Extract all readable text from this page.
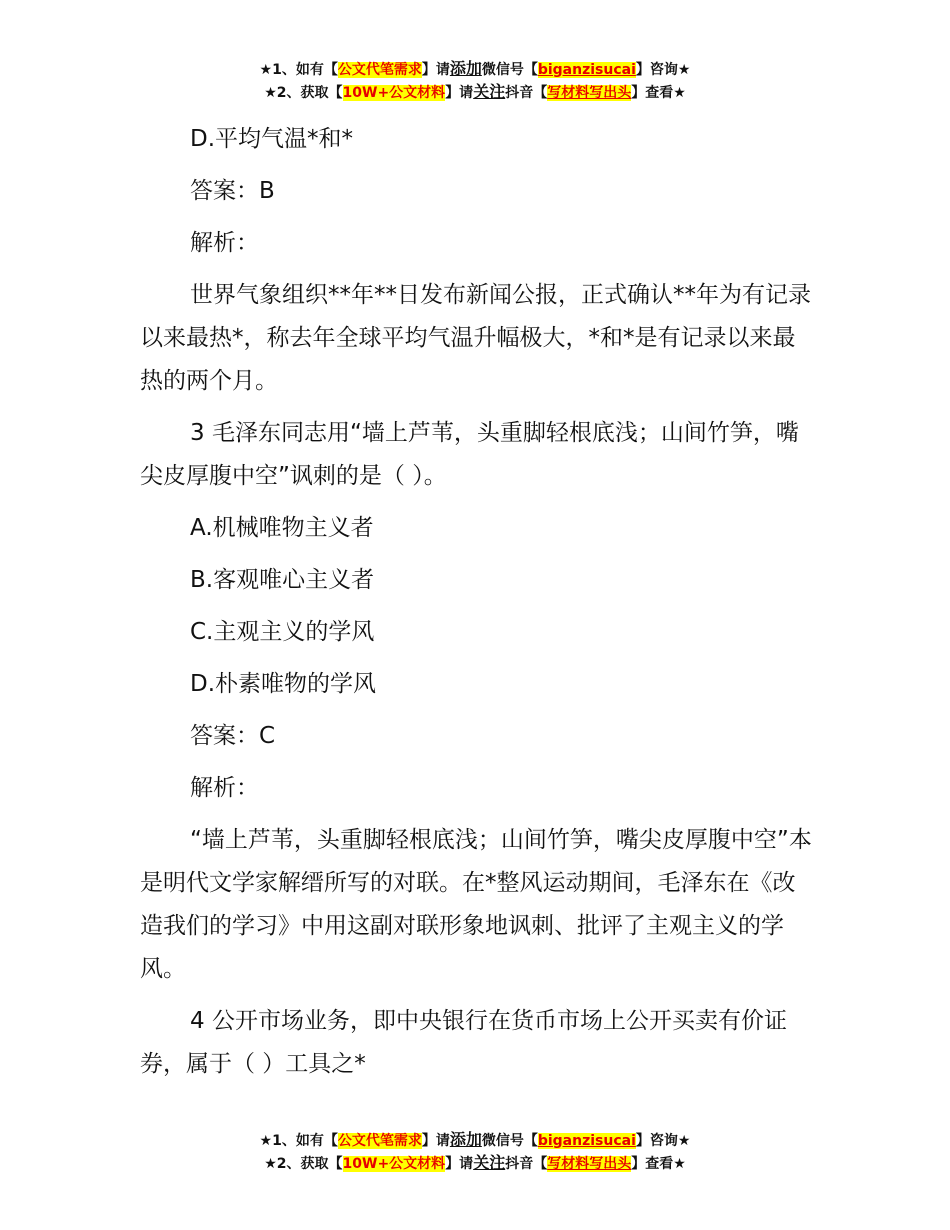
★1、如有【公文代笔需求】请添加微信号【biganzisucai】咨询★
★2、获取【10W+公文材料】请关注抖音【写材料写出头】查看★

D.平均气温*和*

答案：B

解析：

世界气象组织**年**日发布新闻公报，正式确认**年为有记录以来最热*，称去年全球平均气温升幅极大，*和*是有记录以来最热的两个月。

3 毛泽东同志用“墙上芦苇，头重脚轻根底浅；山间竹笋，嘴尖皮厚腹中空”讽刺的是（ ）。

A.机械唯物主义者

B.客观唯心主义者

C.主观主义的学风

D.朴素唯物的学风

答案：C

解析：

“墙上芦苇，头重脚轻根底浅；山间竹笋，嘴尖皮厚腹中空”本是明代文学家解缙所写的对联。在*整风运动期间，毛泽东在《改造我们的学习》中用这副对联形象地讽刺、批评了主观主义的学风。

4 公开市场业务，即中央银行在货币市场上公开买卖有价证券，属于（ ）工具之*

★1、如有【公文代笔需求】请添加微信号【biganzisucai】咨询★
★2、获取【10W+公文材料】请关注抖音【写材料写出头】查看★
